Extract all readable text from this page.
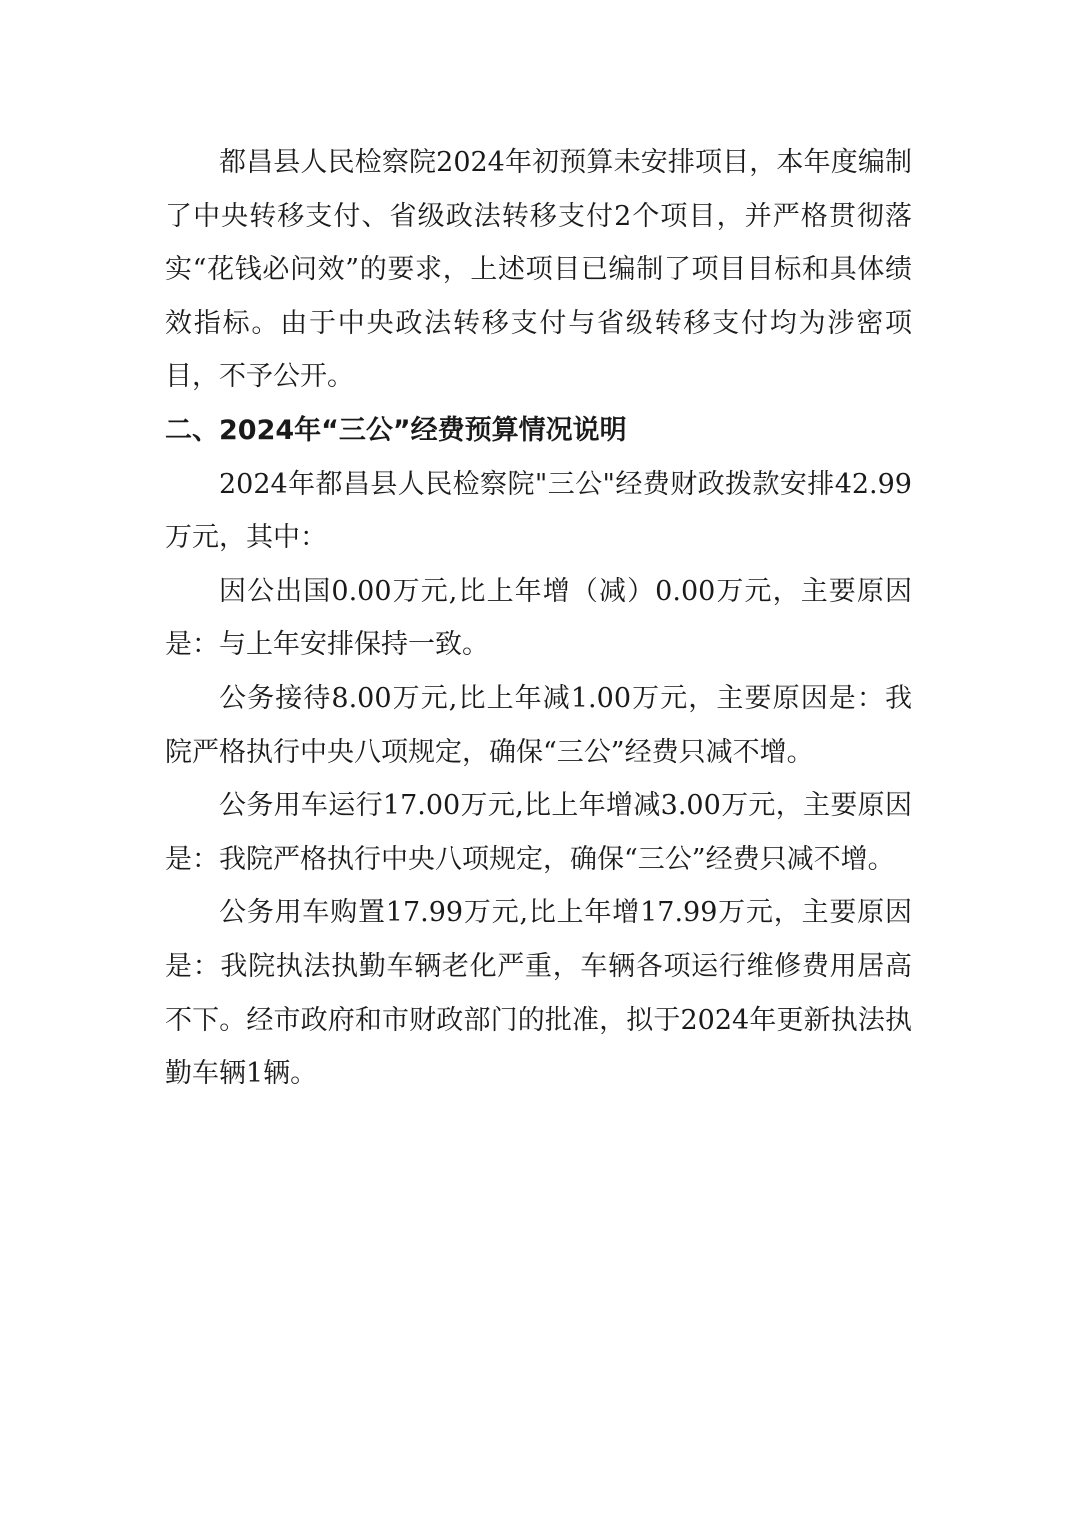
都昌县人民检察院2024年初预算未安排项目，本年度编制了中央转移支付、省级政法转移支付2个项目，并严格贯彻落实“花钱必问效”的要求，上述项目已编制了项目目标和具体绩效指标。由于中央政法转移支付与省级转移支付均为涉密项目，不予公开。

二、2024年“三公”经费预算情况说明

2024年都昌县人民检察院"三公"经费财政拨款安排42.99万元，其中：

因公出国0.00万元,比上年增（减）0.00万元，主要原因是：与上年安排保持一致。

公务接待8.00万元,比上年减1.00万元，主要原因是：我院严格执行中央八项规定，确保“三公”经费只减不增。

公务用车运行17.00万元,比上年增减3.00万元，主要原因是：我院严格执行中央八项规定，确保“三公”经费只减不增。

公务用车购置17.99万元,比上年增17.99万元，主要原因是：我院执法执勤车辆老化严重，车辆各项运行维修费用居高不下。经市政府和市财政部门的批准，拟于2024年更新执法执勤车辆1辆。
